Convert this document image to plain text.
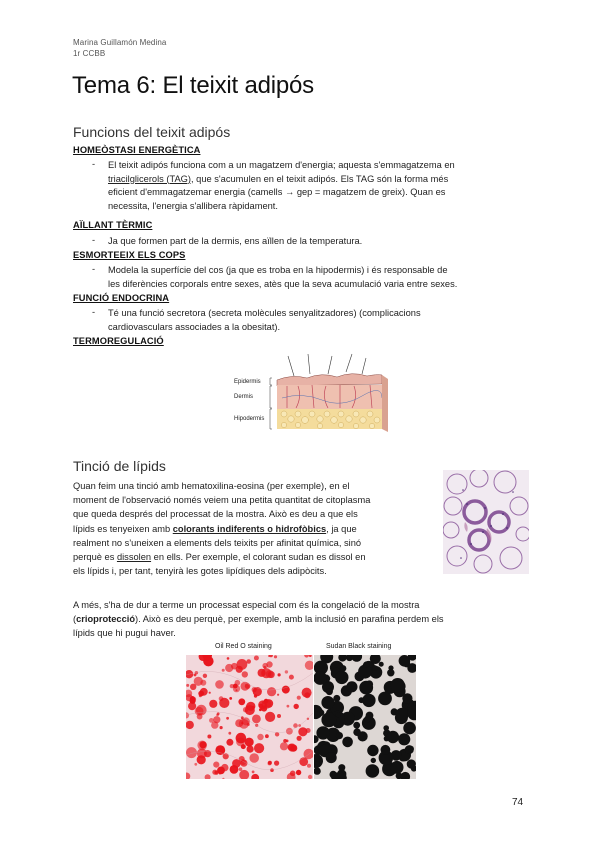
Marina Guillamón Medina
1r CCBB
Tema 6: El teixit adipós
Funcions del teixit adipós
HOMEÒSTASI ENERGÈTICA
- El teixit adipós funciona com a un magatzem d'energia; aquesta s'emmagatzema en
triacilglicerols (TAG), que s'acumulen en el teixit adipós. Els TAG són la forma més
eficient d'emmagatzemar energia (camells → gep = magatzem de greix). Quan es
necessita, l'energia s'allibera ràpidament.
AÏLLANT TÈRMIC
- Ja que formen part de la dermis, ens aïllen de la temperatura.
ESMORTEEIX ELS COPS
- Modela la superfície del cos (ja que es troba en la hipodermis) i és responsable de
les diferències corporals entre sexes, atès que la seva acumulació varia entre sexes.
FUNCIÓ ENDOCRINA
- Té una funció secretora (secreta molècules senyalitzadores) (complicacions
cardiovasculars associades a la obesitat).
TERMOREGULACIÓ
Epidermis
Dermis
Hipodermis
Tinció de lípids
Quan feim una tinció amb hematoxilina-eosina (per exemple), en el
moment de l'observació només veiem una petita quantitat de citoplasma
que queda després del processat de la mostra. Això es deu a que els
lípids es tenyeixen amb colorants indiferents o hidrofòbics, ja que
realment no s'uneixen a elements dels teixits per afinitat química, sinó
perquè es dissolen en ells. Per exemple, el colorant sudan es dissol en
els lípids i, per tant, tenyirà les gotes lipídiques dels adipòcits.
A més, s'ha de dur a terme un processat especial com és la congelació de la mostra
(crioprotecció). Això es deu perquè, per exemple, amb la inclusió en parafina perdem els
lípids que hi pugui haver.
Oil Red O staining	Sudan Black staining
74
